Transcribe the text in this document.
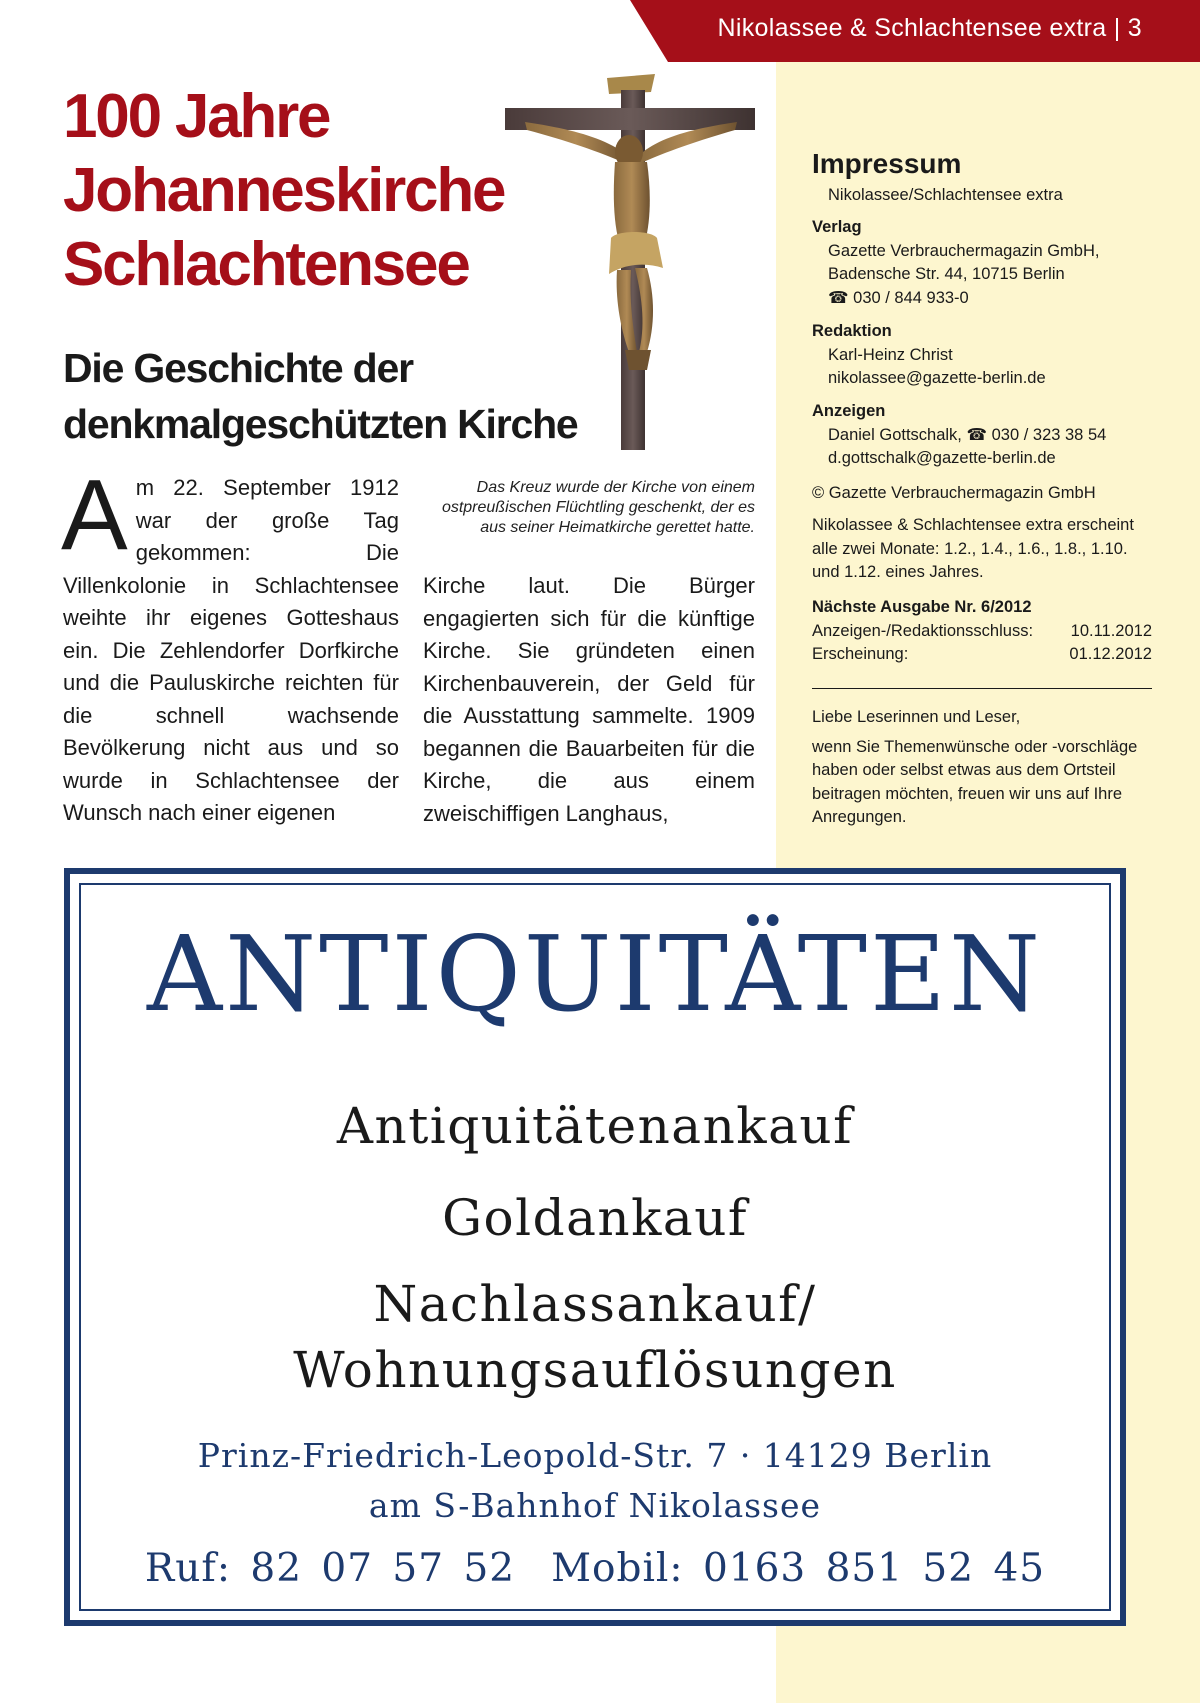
Nikolassee & Schlachtensee extra | 3
100 Jahre
Johanneskirche
Schlachtensee
Die Geschichte der
denkmalgeschützten Kirche
Das Kreuz wurde der Kirche von einem ostpreußischen Flüchtling geschenkt, der es aus seiner Heimatkirche gerettet hatte.
Am 22. September 1912 war der große Tag gekommen: Die Villenkolonie in Schlachtensee weihte ihr eigenes Gotteshaus ein. Die Zehlendorfer Dorfkirche und die Pauluskirche reichten für die schnell wachsende Bevölkerung nicht aus und so wurde in Schlachtensee der Wunsch nach einer eigenen
Kirche laut. Die Bürger engagierten sich für die künftige Kirche. Sie gründeten einen Kirchenbauverein, der Geld für die Ausstattung sammelte. 1909 begannen die Bauarbeiten für die Kirche, die aus einem zweischiffigen Langhaus,
Impressum
Nikolassee/Schlachtensee extra
Verlag
Gazette Verbrauchermagazin GmbH,
Badensche Str. 44, 10715 Berlin
☎ 030 / 844 933-0
Redaktion
Karl-Heinz Christ
nikolassee@gazette-berlin.de
Anzeigen
Daniel Gottschalk, ☎ 030 / 323 38 54
d.gottschalk@gazette-berlin.de
© Gazette Verbrauchermagazin GmbH
Nikolassee & Schlachtensee extra erscheint alle zwei Monate: 1.2., 1.4., 1.6., 1.8., 1.10. und 1.12. eines Jahres.
Nächste Ausgabe Nr. 6/2012
Anzeigen-/Redaktionsschluss: 10.11.2012
Erscheinung:	01.12.2012
Liebe Leserinnen und Leser,
wenn Sie Themenwünsche oder -vorschläge haben oder selbst etwas aus dem Ortsteil beitragen möchten, freuen wir uns auf Ihre Anregungen.
ANTIQUITÄTEN
Antiquitätenankauf
Goldankauf
Nachlassankauf/
Wohnungsauflösungen
Prinz-Friedrich-Leopold-Str. 7 · 14129 Berlin
am S-Bahnhof Nikolassee
Ruf: 82 07 57 52 Mobil: 0163 851 52 45
